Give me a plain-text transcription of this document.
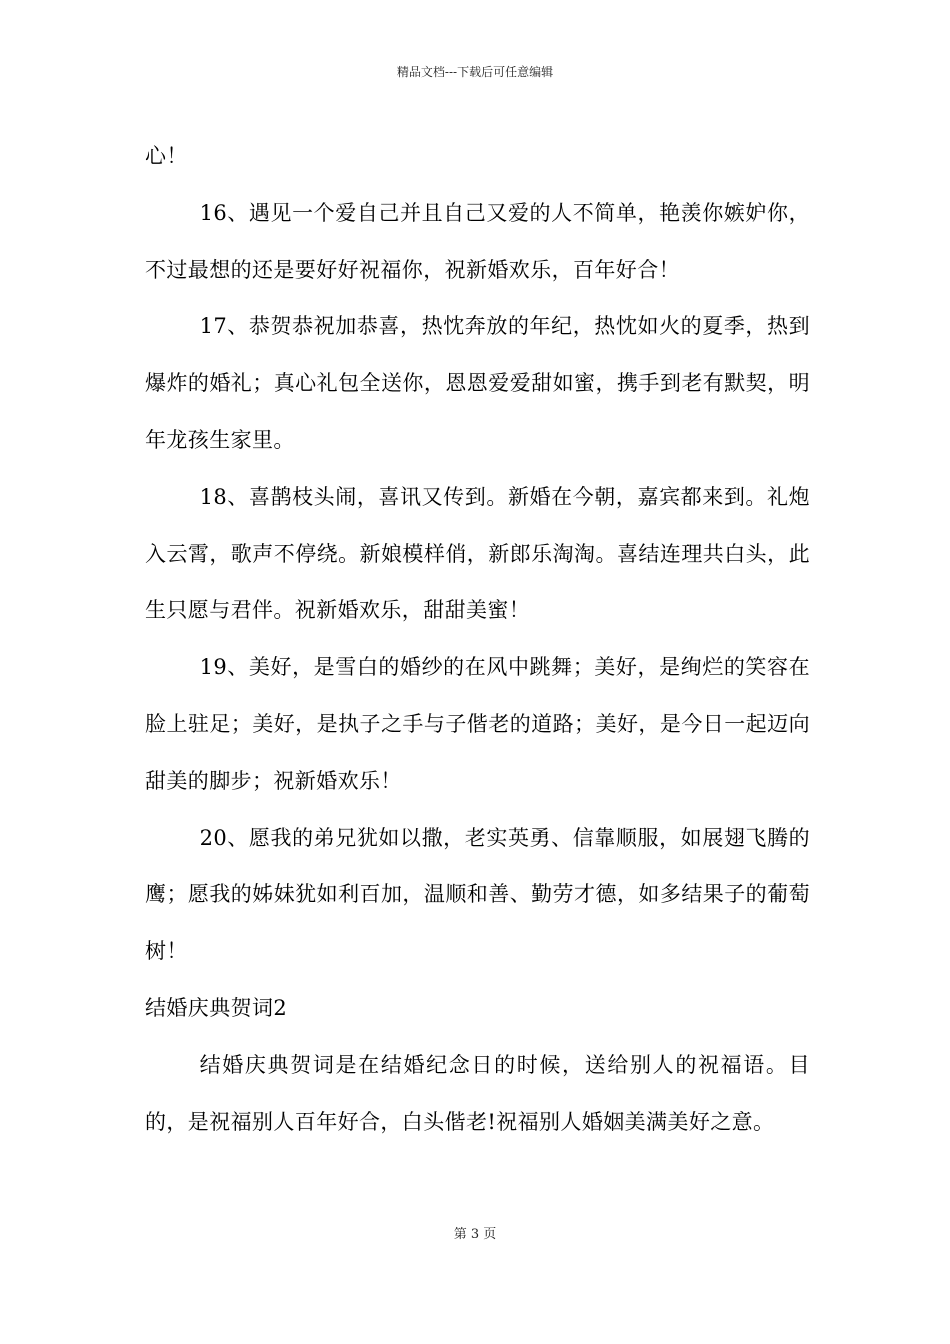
精品文档---下载后可任意编辑

心！

16、遇见一个爱自己并且自己又爱的人不简单，艳羡你嫉妒你，不过最想的还是要好好祝福你，祝新婚欢乐，百年好合！

17、恭贺恭祝加恭喜，热忱奔放的年纪，热忱如火的夏季，热到爆炸的婚礼；真心礼包全送你，恩恩爱爱甜如蜜，携手到老有默契，明年龙孩生家里。

18、喜鹊枝头闹，喜讯又传到。新婚在今朝，嘉宾都来到。礼炮入云霄，歌声不停绕。新娘模样俏，新郎乐淘淘。喜结连理共白头，此生只愿与君伴。祝新婚欢乐，甜甜美蜜！

19、美好，是雪白的婚纱的在风中跳舞；美好，是绚烂的笑容在脸上驻足；美好，是执子之手与子偕老的道路；美好，是今日一起迈向甜美的脚步；祝新婚欢乐！

20、愿我的弟兄犹如以撒，老实英勇、信靠顺服，如展翅飞腾的鹰；愿我的姊妹犹如利百加，温顺和善、勤劳才德，如多结果子的葡萄树！

结婚庆典贺词2

结婚庆典贺词是在结婚纪念日的时候，送给别人的祝福语。目的，是祝福别人百年好合，白头偕老!祝福别人婚姻美满美好之意。

第 3 页
